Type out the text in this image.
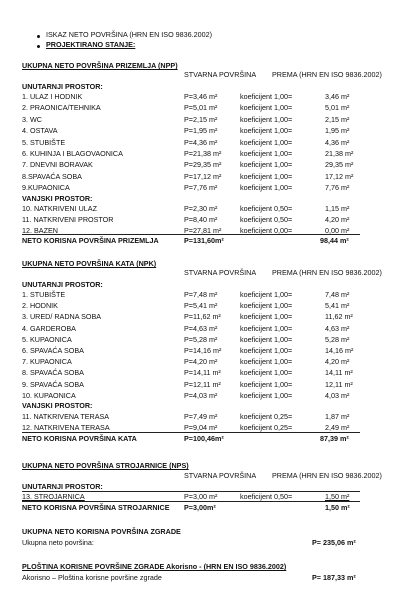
ISKAZ NETO POVRŠINA (HRN EN ISO 9836.2002)
PROJEKTIRANO STANJE:
UKUPNA NETO POVRŠINA PRIZEMLJA (NPP)
STVARNA POVRŠINA PREMA (HRN EN ISO 9836.2002)
UNUTARNJI PROSTOR:
1. ULAZ I HODNIK	P=3,46 m²	koeficijent 1,00=	3,46 m²
2. PRAONICA/TEHNIKA	P=5,01 m²	koeficijent 1,00=	5,01 m²
3. WC	P=2,15 m²	koeficijent 1,00=	2,15 m²
4. OSTAVA	P=1,95 m²	koeficijent 1,00=	1,95 m²
5. STUBIŠTE	P=4,36 m²	koeficijent 1,00=	4,36 m²
6. KUHINJA I BLAGOVAONICA	P=21,38 m²	koeficijent 1,00=	21,38 m²
7. DNEVNI BORAVAK	P=29,35 m²	koeficijent 1,00=	29,35 m²
8.SPAVAĆA SOBA	P=17,12 m²	koeficijent 1,00=	17,12 m²
9.KUPAONICA	P=7,76 m²	koeficijent 1,00=	7,76 m²
VANJSKI PROSTOR:
10. NATKRIVENI ULAZ	P=2,30 m²	koeficijent 0,50=	1,15 m²
11. NATKRIVENI PROSTOR	P=8,40 m²	koeficijent 0,50=	4,20 m²
12. BAZEN	P=27,81 m²	koeficijent 0,00=	0,00 m²
NETO KORISNA POVRŠINA PRIZEMLJA	P=131,60m²	98,44 m²
UKUPNA NETO POVRŠINA KATA (NPK)
STVARNA POVRŠINA PREMA (HRN EN ISO 9836.2002)
UNUTARNJI PROSTOR:
1. STUBIŠTE	P=7,48 m²	koeficijent 1,00=	7,48 m²
2. HODNIK	P=5,41 m²	koeficijent 1,00=	5,41 m²
3. URED/ RADNA SOBA	P=11,62 m²	koeficijent 1,00=	11,62 m²
4. GARDEROBA	P=4,63 m²	koeficijent 1,00=	4,63 m²
5. KUPAONICA	P=5,28 m²	koeficijent 1,00=	5,28 m²
6. SPAVAĆA SOBA	P=14,16 m²	koeficijent 1,00=	14,16 m²
7. KUPAONICA	P=4,20 m²	koeficijent 1,00=	4,20 m²
8. SPAVAĆA SOBA	P=14,11 m²	koeficijent 1,00=	14,11 m²
9. SPAVAĆA SOBA	P=12,11 m²	koeficijent 1,00=	12,11 m²
10. KUPAONICA	P=4,03 m²	koeficijent 1,00=	4,03 m²
VANJSKI PROSTOR:
11. NATKRIVENA TERASA	P=7,49 m²	koeficijent 0,25=	1,87 m²
12. NATKRIVENA TERASA	P=9,04 m²	koeficijent 0,25=	2,49 m²
NETO KORISNA POVRŠINA KATA	P=100,46m²	87,39 m²
UKUPNA NETO POVRŠINA STROJARNICE (NPS)
STVARNA POVRŠINA PREMA (HRN EN ISO 9836.2002)
UNUTARNJI PROSTOR:
13. STROJARNICA	P=3,00 m²	koeficijent 0,50=	1,50 m²
NETO KORISNA POVRŠINA STROJARNICE P=3,00m²	1,50 m²
UKUPNA NETO KORISNA POVRŠINA ZGRADE
Ukupna neto površina:	P= 235,06 m²
PLOŠTINA KORISNE POVRŠINE ZGRADE Akorisno - (HRN EN ISO 9836.2002)
Akorisno – Ploština korisne površine zgrade	P= 187,33 m²
